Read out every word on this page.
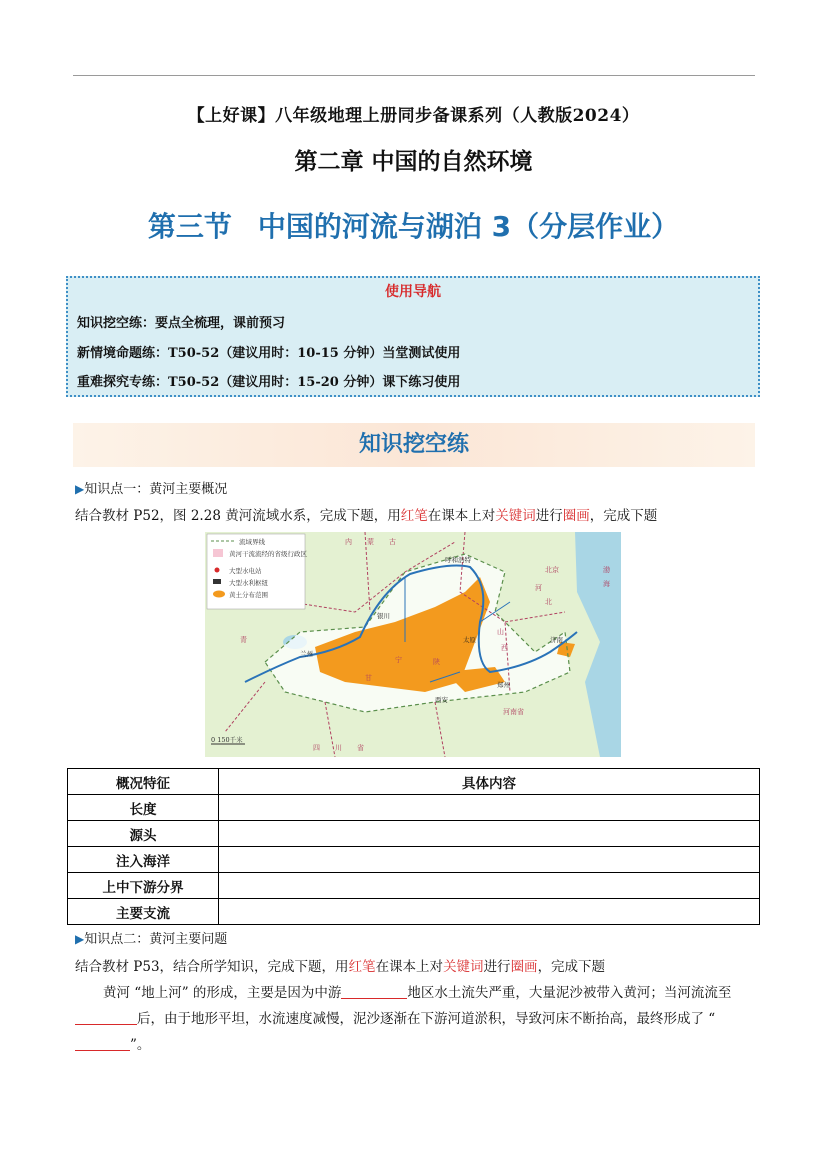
【上好课】八年级地理上册同步备课系列（人教版2024）
第二章 中国的自然环境
第三节 中国的河流与湖泊 3（分层作业）
使用导航
知识挖空练：要点全梳理，课前预习
新情境命题练：T50-52（建议用时：10-15 分钟）当堂测试使用
重难探究专练：T50-52（建议用时：15-20 分钟）课下练习使用
知识挖空练
▶知识点一：黄河主要概况
结合教材 P52，图 2.28 黄河流域水系，完成下题，用红笔在课本上对关键词进行圈画，完成下题
流域界线
黄河干流流经的省级行政区
大型水电站
大型水利枢纽
黄土分布范围
内 蒙 古
北京
山
西
河
北
青
甘
宁	陕
河南省
四 川 省
渤
海
兰州
银川
太原
西安
郑州
济南
呼和浩特
0 150千米
概况特征	具体内容
长度	
源头	
注入海洋	
上中下游分界	
主要支流	
▶知识点二：黄河主要问题
结合教材 P53，结合所学知识，完成下题，用红笔在课本上对关键词进行圈画，完成下题
黄河 “地上河” 的形成，主要是因为中游	地区水土流失严重，大量泥沙被带入黄河；当河流流至后，由于地形平坦，水流速度减慢，泥沙逐渐在下游河道淤积，导致河床不断抬高，最终形成了 “”。
